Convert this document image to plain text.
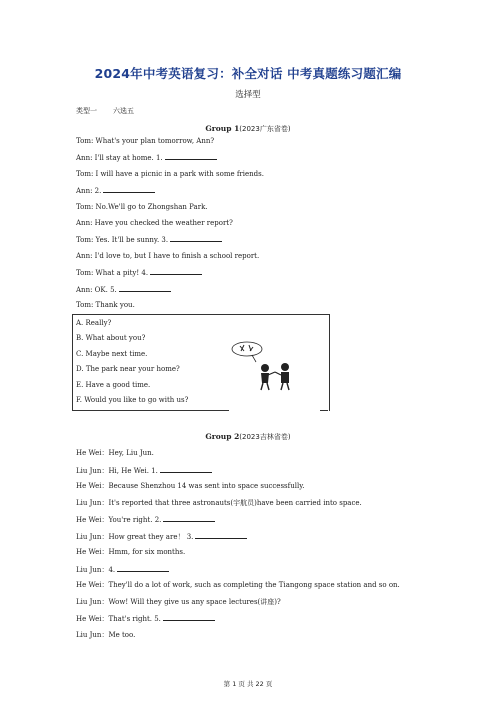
2024年中考英语复习：补全对话 中考真题练习题汇编
选择型
类型一 六选五
Group 1(2023广东省卷)
Tom: What's your plan tomorrow, Ann?
Ann: I'll stay at home. 1.
Tom: I will have a picnic in a park with some friends.
Ann: 2.
Tom: No.We'll go to Zhongshan Park.
Ann: Have you checked the weather report?
Tom: Yes. It'll be sunny. 3.
Ann: I'd love to, but I have to finish a school report.
Tom: What a pity! 4.
Ann: OK. 5.
Tom: Thank you.
A. Really?
B. What about you?
C. Maybe next time.
D. The park near your home?
E. Have a good time.
F. Would you like to go with us?
Group 2(2023吉林省卷)
He Wei：Hey, Liu Jun.
Liu Jun：Hi, He Wei. 1.
He Wei：Because Shenzhou 14 was sent into space successfully.
Liu Jun：It's reported that three astronauts(宇航员)have been carried into space.
He Wei：You're right. 2.
Liu Jun：How great they are！ 3.
He Wei：Hmm, for six months.
Liu Jun：4.
He Wei：They'll do a lot of work, such as completing the Tiangong space station and so on.
Liu Jun：Wow! Will they give us any space lectures(讲座)?
He Wei：That's right. 5.
Liu Jun：Me too.
第 1 页 共 22 页
